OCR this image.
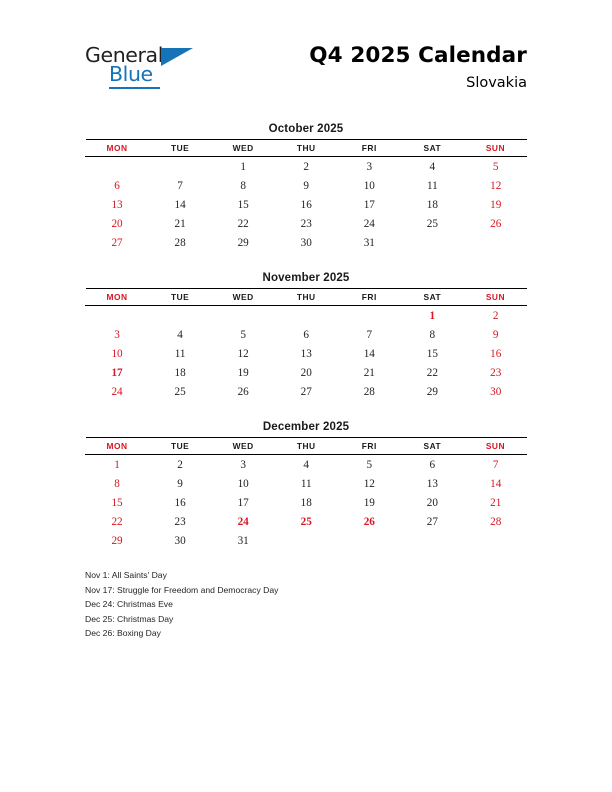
General
Blue
Q4 2025 Calendar
Slovakia
October 2025
MON	TUE	WED	THU	FRI	SAT	SUN
		1	2	3	4	5
6	7	8	9	10	11	12
13	14	15	16	17	18	19
20	21	22	23	24	25	26
27	28	29	30	31		
November 2025
MON	TUE	WED	THU	FRI	SAT	SUN
					1	2
3	4	5	6	7	8	9
10	11	12	13	14	15	16
17	18	19	20	21	22	23
24	25	26	27	28	29	30
December 2025
MON	TUE	WED	THU	FRI	SAT	SUN
1	2	3	4	5	6	7
8	9	10	11	12	13	14
15	16	17	18	19	20	21
22	23	24	25	26	27	28
29	30	31				
Nov 1: All Saints' Day
Nov 17: Struggle for Freedom and Democracy Day
Dec 24: Christmas Eve
Dec 25: Christmas Day
Dec 26: Boxing Day
